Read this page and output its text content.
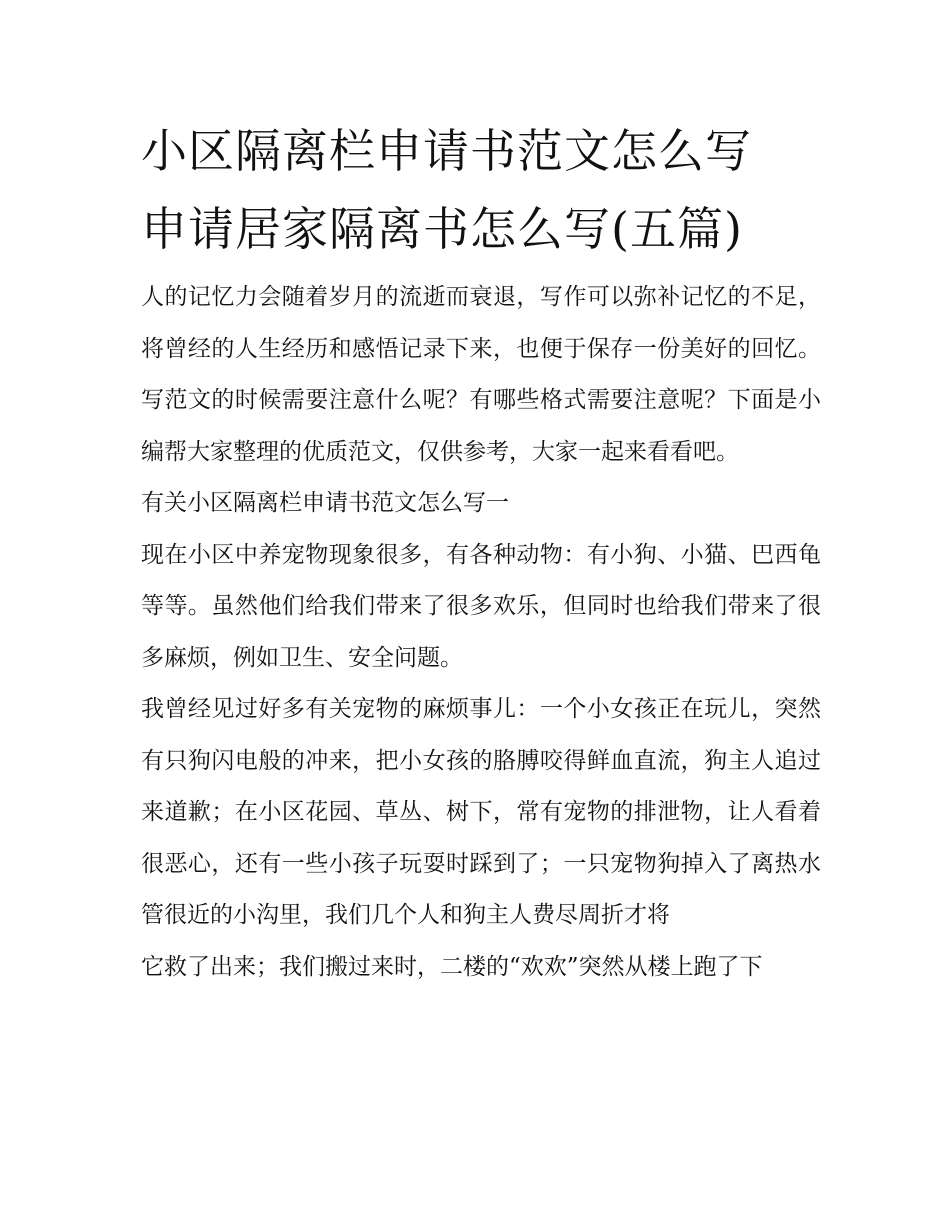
小区隔离栏申请书范文怎么写
申请居家隔离书怎么写(五篇)

人的记忆力会随着岁月的流逝而衰退，写作可以弥补记忆的不足，将曾经的人生经历和感悟记录下来，也便于保存一份美好的回忆。写范文的时候需要注意什么呢？有哪些格式需要注意呢？下面是小编帮大家整理的优质范文，仅供参考，大家一起来看看吧。

有关小区隔离栏申请书范文怎么写一

现在小区中养宠物现象很多，有各种动物：有小狗、小猫、巴西龟等等。虽然他们给我们带来了很多欢乐，但同时也给我们带来了很多麻烦，例如卫生、安全问题。

我曾经见过好多有关宠物的麻烦事儿：一个小女孩正在玩儿，突然有只狗闪电般的冲来，把小女孩的胳膊咬得鲜血直流，狗主人追过来道歉；在小区花园、草丛、树下，常有宠物的排泄物，让人看着很恶心，还有一些小孩子玩耍时踩到了；一只宠物狗掉入了离热水管很近的小沟里，我们几个人和狗主人费尽周折才将

它救了出来；我们搬过来时，二楼的“欢欢”突然从楼上跑了下
